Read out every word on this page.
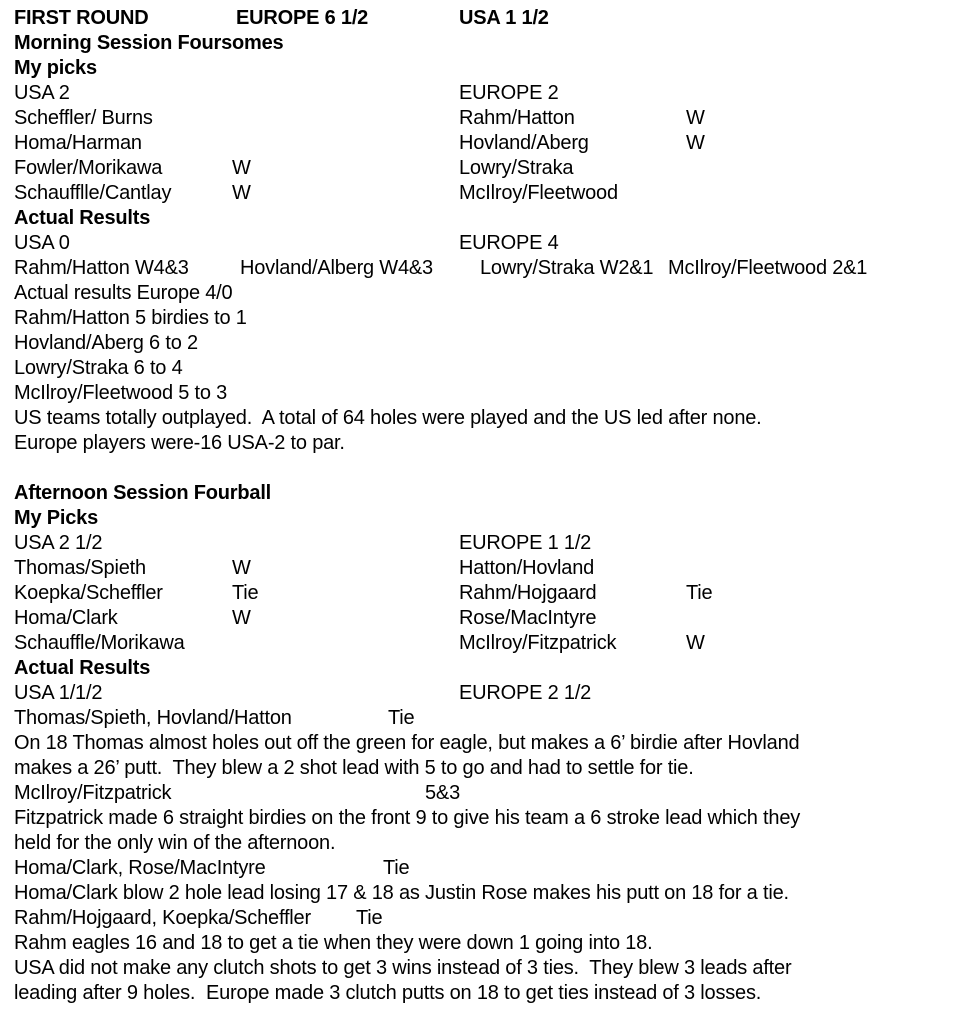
FIRST ROUND	EUROPE 6 1/2	USA 1 1/2
Morning Session Foursomes
My picks
USA 2	EUROPE 2
Scheffler/ Burns	Rahm/Hatton	W
Homa/Harman	Hovland/Aberg	W
Fowler/Morikawa	W	Lowry/Straka
Schaufflle/Cantlay	W	McIlroy/Fleetwood
Actual Results
USA 0	EUROPE 4
Rahm/Hatton W4&3	Hovland/Alberg W4&3 Lowry/Straka W2&1 McIlroy/Fleetwood 2&1
Actual results Europe 4/0
Rahm/Hatton 5 birdies to 1
Hovland/Aberg 6 to 2
Lowry/Straka 6 to 4
McIlroy/Fleetwood 5 to 3
US teams totally outplayed.  A total of 64 holes were played and the US led after none.
Europe players were-16 USA-2 to par.
Afternoon Session Fourball
My Picks
USA 2 1/2	EUROPE 1 1/2
Thomas/Spieth	W	Hatton/Hovland
Koepka/Scheffler	Tie	Rahm/Hojgaard	Tie
Homa/Clark	W	Rose/MacIntyre
Schauffle/Morikawa	McIlroy/Fitzpatrick	W
Actual Results
USA 1/1/2	EUROPE 2 1/2
Thomas/Spieth, Hovland/Hatton	Tie
On 18 Thomas almost holes out off the green for eagle, but makes a 6’ birdie after Hovland
makes a 26’ putt.  They blew a 2 shot lead with 5 to go and had to settle for tie.
McIlroy/Fitzpatrick	5&3
Fitzpatrick made 6 straight birdies on the front 9 to give his team a 6 stroke lead which they
held for the only win of the afternoon.
Homa/Clark, Rose/MacIntyre	Tie
Homa/Clark blow 2 hole lead losing 17 & 18 as Justin Rose makes his putt on 18 for a tie.
Rahm/Hojgaard, Koepka/Scheffler Tie
Rahm eagles 16 and 18 to get a tie when they were down 1 going into 18.
USA did not make any clutch shots to get 3 wins instead of 3 ties.  They blew 3 leads after
leading after 9 holes.  Europe made 3 clutch putts on 18 to get ties instead of 3 losses.
